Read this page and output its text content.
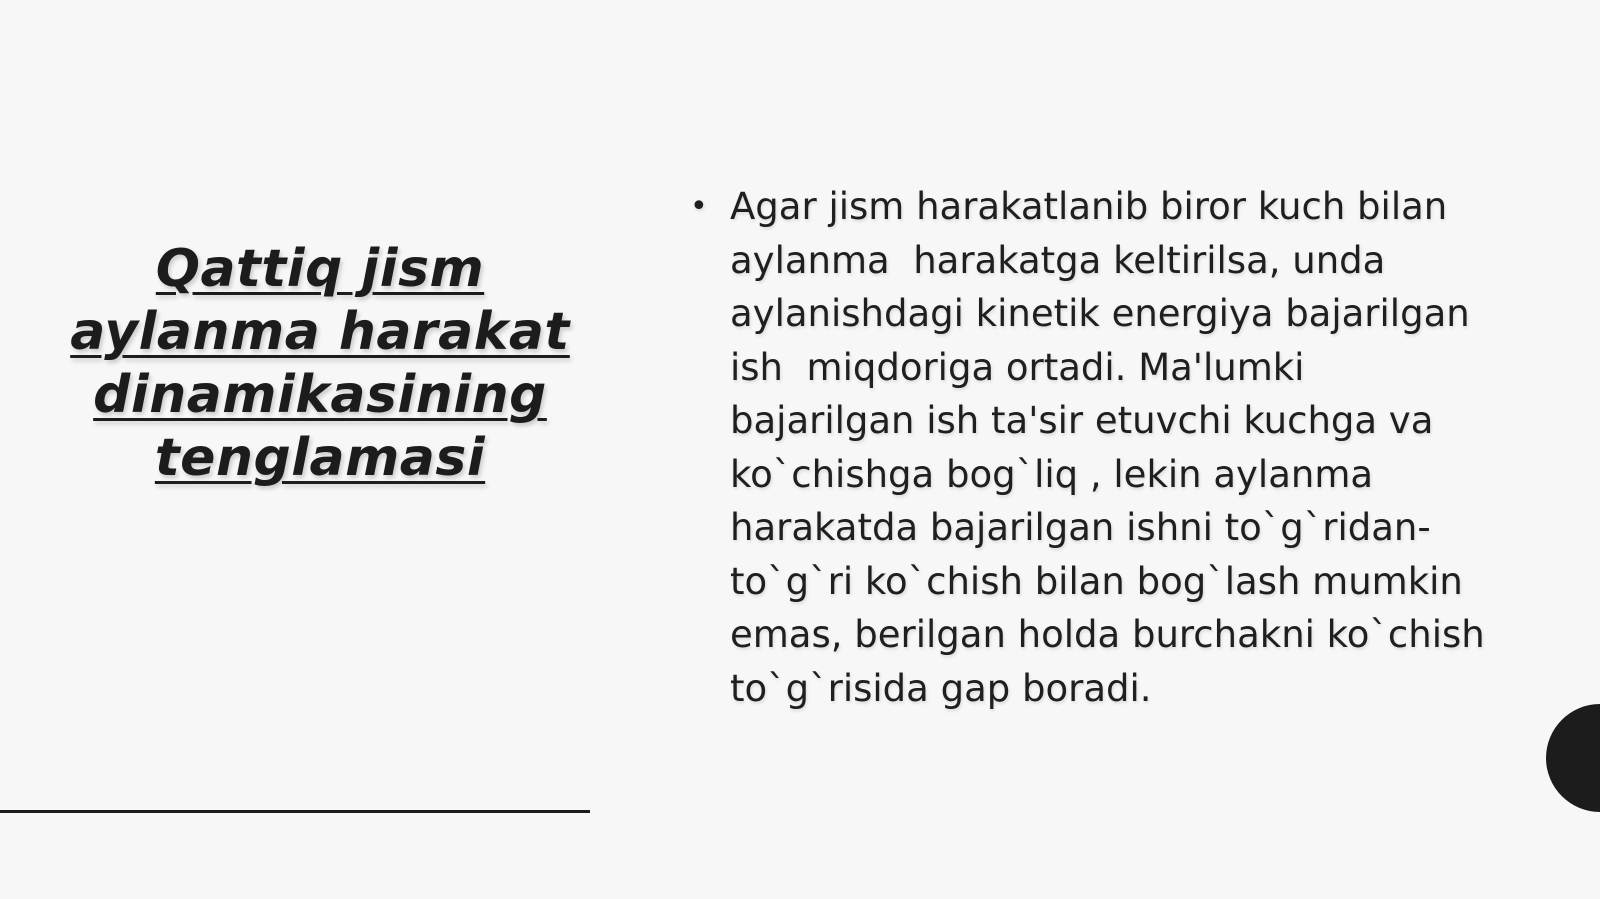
Qattiq jism
aylanma harakat
dinamikasining
tenglamasi
• Agar jism harakatlanib biror kuch bilan
aylanma  harakatga keltirilsa, unda
aylanishdagi kinetik energiya bajarilgan
ish  miqdoriga ortadi. Ma'lumki
bajarilgan ish ta'sir etuvchi kuchga va
ko`chishga bog`liq , lekin aylanma
harakatda bajarilgan ishni to`g`ridan-
to`g`ri ko`chish bilan bog`lash mumkin
emas, berilgan holda burchakni ko`chish
to`g`risida gap boradi.
